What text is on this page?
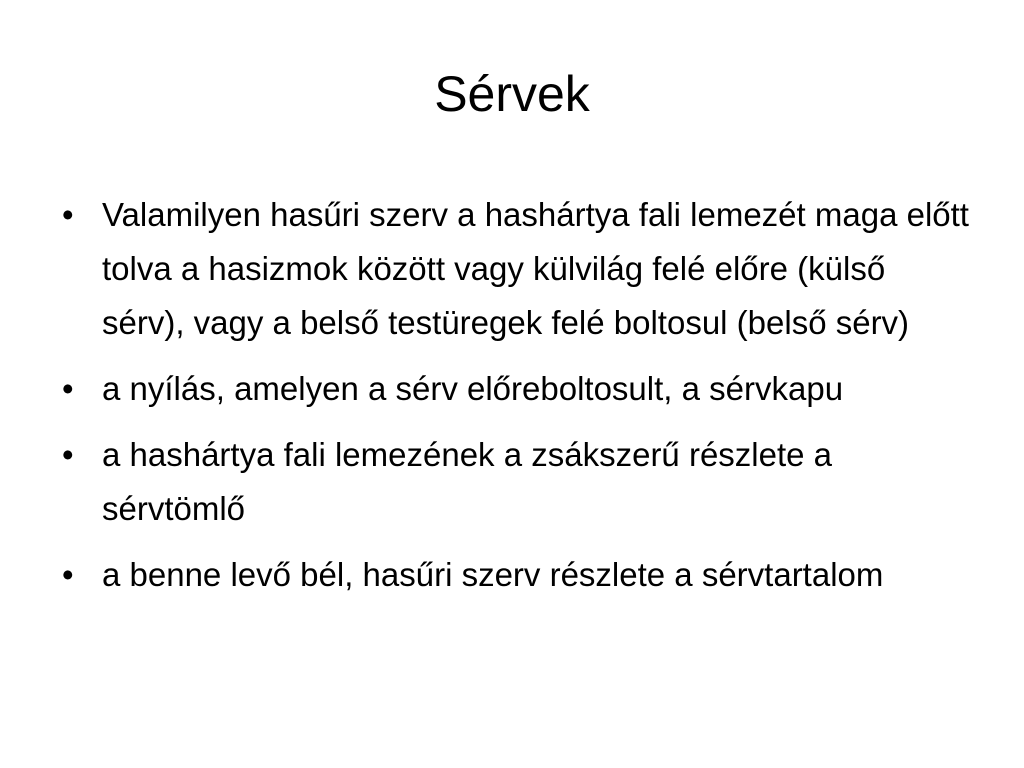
Sérvek
• Valamilyen hasűri szerv a hashártya fali lemezét maga előtt tolva a hasizmok között vagy külvilág felé előre (külső sérv), vagy a belső testüregek felé boltosul (belső sérv)
• a nyílás, amelyen a sérv előreboltosult, a sérvkapu
• a hashártya fali lemezének a zsákszerű részlete a sérvtömlő
• a benne levő bél, hasűri szerv részlete a sérvtartalom
